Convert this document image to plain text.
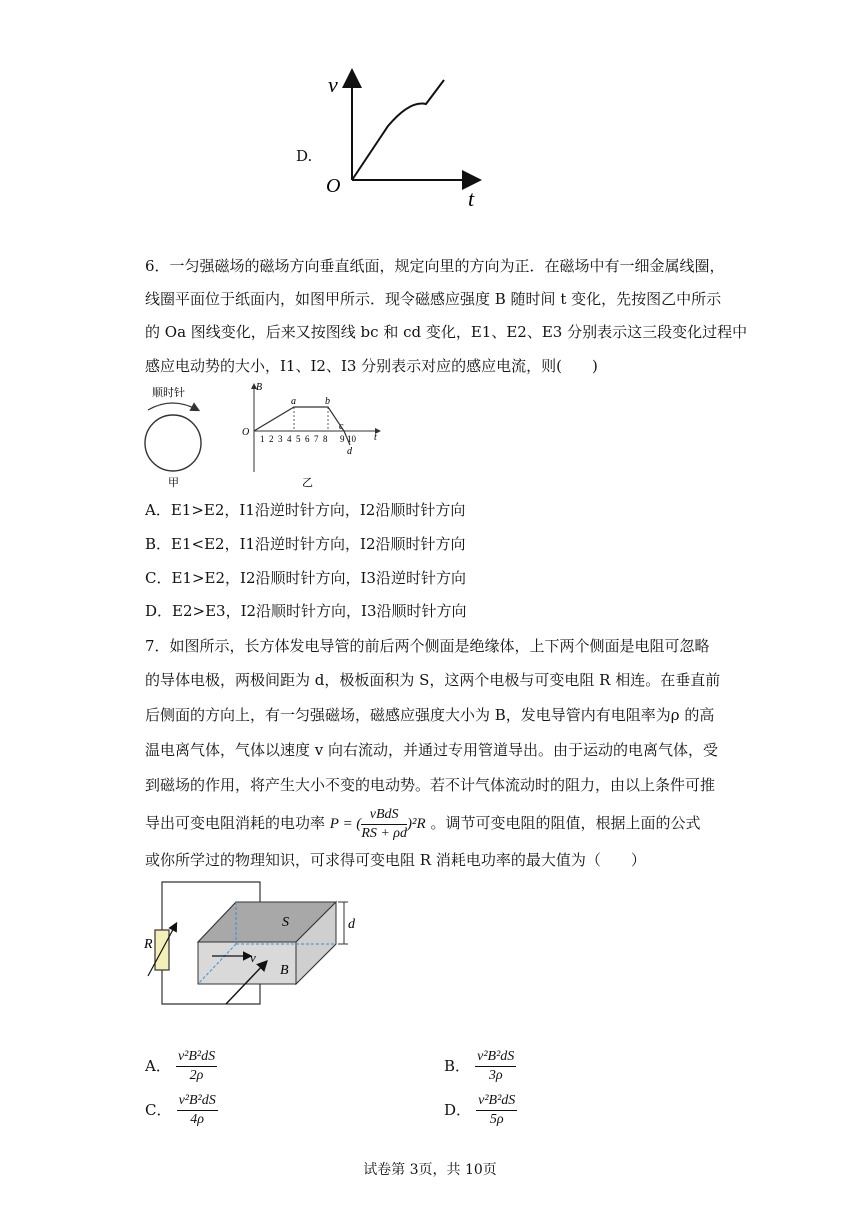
D.
v
t
O
6．一匀强磁场的磁场方向垂直纸面，规定向里的方向为正．在磁场中有一细金属线圈，
线圈平面位于纸面内，如图甲所示．现令磁感应强度 B 随时间 t 变化，先按图乙中所示
的 Oa 图线变化，后来又按图线 bc 和 cd 变化，E1、E2、E3 分别表示这三段变化过程中
感应电动势的大小，I1、I2、I3 分别表示对应的感应电流，则(　　)
顺时针
甲
B
t
O
a	b
c
d
1 2 3 4 5 6 7 8 9 10
乙
A．E1>E2，I1沿逆时针方向，I2沿顺时针方向
B．E1<E2，I1沿逆时针方向，I2沿顺时针方向
C．E1>E2，I2沿顺时针方向，I3沿逆时针方向
D．E2>E3，I2沿顺时针方向，I3沿顺时针方向
7．如图所示，长方体发电导管的前后两个侧面是绝缘体，上下两个侧面是电阻可忽略
的导体电极，两极间距为 d，极板面积为 S，这两个电极与可变电阻 R 相连。在垂直前
后侧面的方向上，有一匀强磁场，磁感应强度大小为 B，发电导管内有电阻率为ρ 的高
温电离气体，气体以速度 v 向右流动，并通过专用管道导出。由于运动的电离气体，受
到磁场的作用，将产生大小不变的电动势。若不计气体流动时的阻力，由以上条件可推
导出可变电阻消耗的电功率 P = ( $\frac{\text{vBdS}}{RS + \rho d} )^2R$ 。调节可变电阻的阻值，根据上面的公式
或你所学过的物理知识，可求得可变电阻 R 消耗电功率的最大值为（　　）
R
v
B
S	d
A． $\frac{\text{v²B²dS}}{2\rho}$	B． $\frac{\text{v²B²dS}}{3\rho}$
C． $\frac{\text{v²B²dS}}{4\rho}$	D． $\frac{\text{v²B²dS}}{5\rho}$
试卷第 3页，共 10页
